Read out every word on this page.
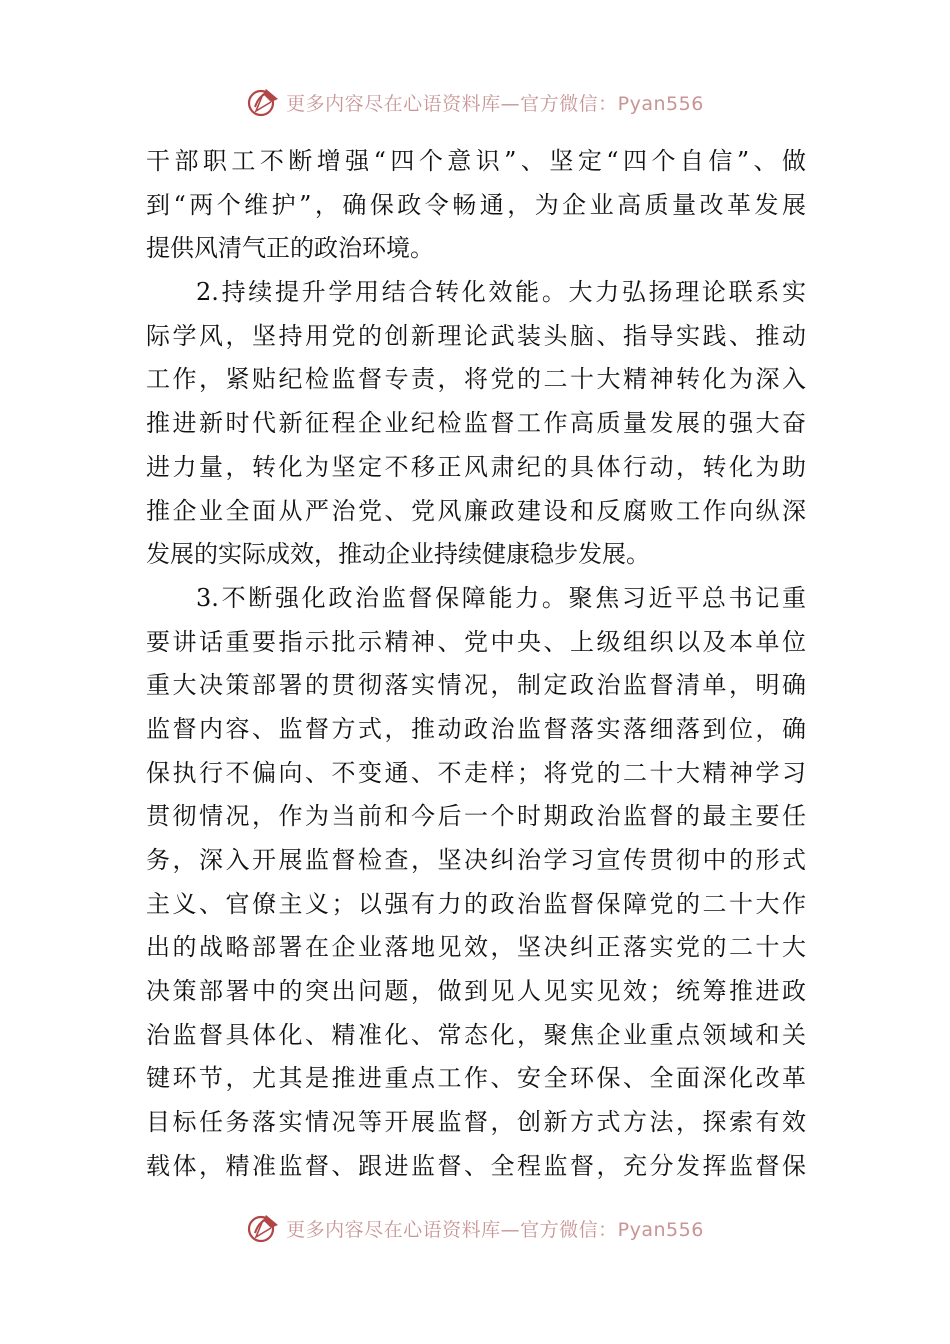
更多内容尽在心语资料库—官方微信：Pyan556
干部职工不断增强“四个意识”、坚定“四个自信”、做
到“两个维护”，确保政令畅通，为企业高质量改革发展
提供风清气正的政治环境。
2.持续提升学用结合转化效能。大力弘扬理论联系实
际学风，坚持用党的创新理论武装头脑、指导实践、推动
工作，紧贴纪检监督专责，将党的二十大精神转化为深入
推进新时代新征程企业纪检监督工作高质量发展的强大奋
进力量，转化为坚定不移正风肃纪的具体行动，转化为助
推企业全面从严治党、党风廉政建设和反腐败工作向纵深
发展的实际成效，推动企业持续健康稳步发展。
3.不断强化政治监督保障能力。聚焦习近平总书记重
要讲话重要指示批示精神、党中央、上级组织以及本单位
重大决策部署的贯彻落实情况，制定政治监督清单，明确
监督内容、监督方式，推动政治监督落实落细落到位，确
保执行不偏向、不变通、不走样；将党的二十大精神学习
贯彻情况，作为当前和今后一个时期政治监督的最主要任
务，深入开展监督检查，坚决纠治学习宣传贯彻中的形式
主义、官僚主义；以强有力的政治监督保障党的二十大作
出的战略部署在企业落地见效，坚决纠正落实党的二十大
决策部署中的突出问题，做到见人见实见效；统筹推进政
治监督具体化、精准化、常态化，聚焦企业重点领域和关
键环节，尤其是推进重点工作、安全环保、全面深化改革
目标任务落实情况等开展监督，创新方式方法，探索有效
载体，精准监督、跟进监督、全程监督，充分发挥监督保
更多内容尽在心语资料库—官方微信：Pyan556
